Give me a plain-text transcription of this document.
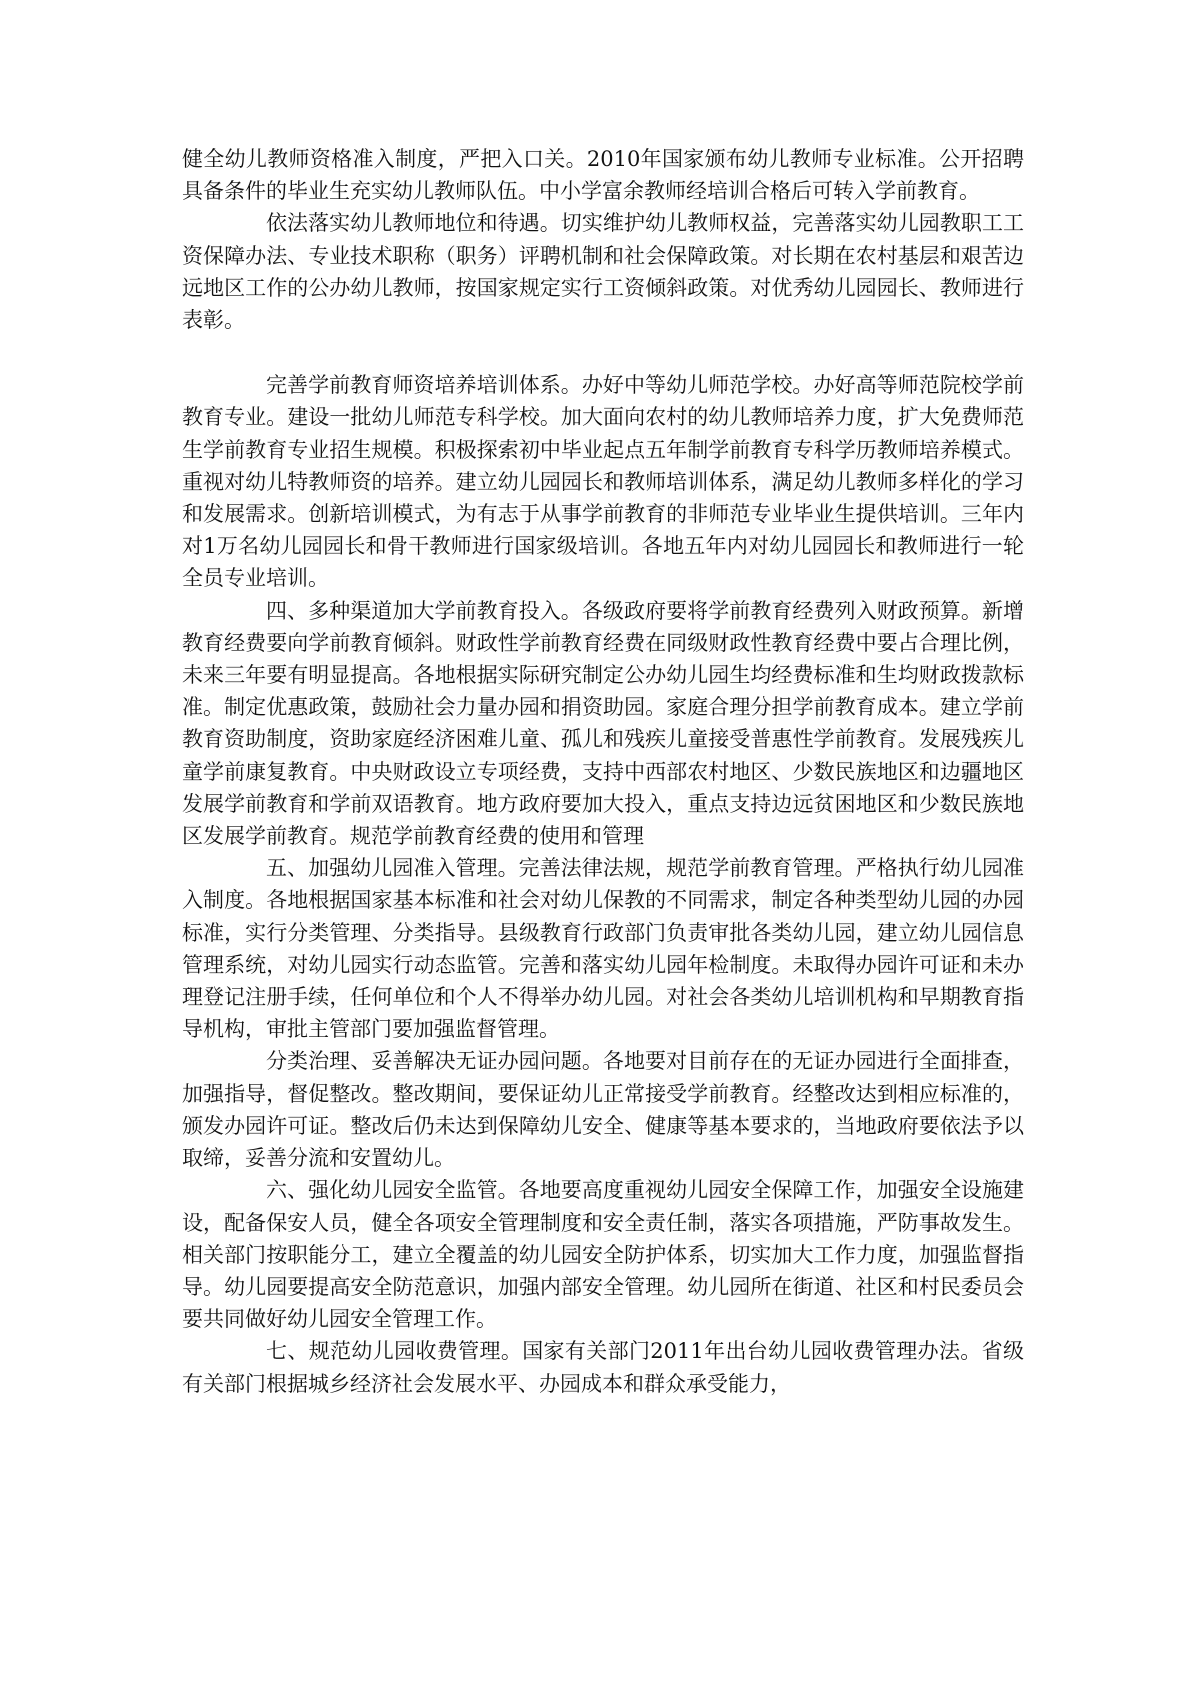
健全幼儿教师资格准入制度，严把入口关。2010年国家颁布幼儿教师专业标准。公开招聘具备条件的毕业生充实幼儿教师队伍。中小学富余教师经培训合格后可转入学前教育。

依法落实幼儿教师地位和待遇。切实维护幼儿教师权益，完善落实幼儿园教职工工资保障办法、专业技术职称（职务）评聘机制和社会保障政策。对长期在农村基层和艰苦边远地区工作的公办幼儿教师，按国家规定实行工资倾斜政策。对优秀幼儿园园长、教师进行表彰。

完善学前教育师资培养培训体系。办好中等幼儿师范学校。办好高等师范院校学前教育专业。建设一批幼儿师范专科学校。加大面向农村的幼儿教师培养力度，扩大免费师范生学前教育专业招生规模。积极探索初中毕业起点五年制学前教育专科学历教师培养模式。重视对幼儿特教师资的培养。建立幼儿园园长和教师培训体系，满足幼儿教师多样化的学习和发展需求。创新培训模式，为有志于从事学前教育的非师范专业毕业生提供培训。三年内对1万名幼儿园园长和骨干教师进行国家级培训。各地五年内对幼儿园园长和教师进行一轮全员专业培训。

四、多种渠道加大学前教育投入。各级政府要将学前教育经费列入财政预算。新增教育经费要向学前教育倾斜。财政性学前教育经费在同级财政性教育经费中要占合理比例，未来三年要有明显提高。各地根据实际研究制定公办幼儿园生均经费标准和生均财政拨款标准。制定优惠政策，鼓励社会力量办园和捐资助园。家庭合理分担学前教育成本。建立学前教育资助制度，资助家庭经济困难儿童、孤儿和残疾儿童接受普惠性学前教育。发展残疾儿童学前康复教育。中央财政设立专项经费，支持中西部农村地区、少数民族地区和边疆地区发展学前教育和学前双语教育。地方政府要加大投入，重点支持边远贫困地区和少数民族地区发展学前教育。规范学前教育经费的使用和管理

五、加强幼儿园准入管理。完善法律法规，规范学前教育管理。严格执行幼儿园准入制度。各地根据国家基本标准和社会对幼儿保教的不同需求，制定各种类型幼儿园的办园标准，实行分类管理、分类指导。县级教育行政部门负责审批各类幼儿园，建立幼儿园信息管理系统，对幼儿园实行动态监管。完善和落实幼儿园年检制度。未取得办园许可证和未办理登记注册手续，任何单位和个人不得举办幼儿园。对社会各类幼儿培训机构和早期教育指导机构，审批主管部门要加强监督管理。

分类治理、妥善解决无证办园问题。各地要对目前存在的无证办园进行全面排查，加强指导，督促整改。整改期间，要保证幼儿正常接受学前教育。经整改达到相应标准的，颁发办园许可证。整改后仍未达到保障幼儿安全、健康等基本要求的，当地政府要依法予以取缔，妥善分流和安置幼儿。

六、强化幼儿园安全监管。各地要高度重视幼儿园安全保障工作，加强安全设施建设，配备保安人员，健全各项安全管理制度和安全责任制，落实各项措施，严防事故发生。相关部门按职能分工，建立全覆盖的幼儿园安全防护体系，切实加大工作力度，加强监督指导。幼儿园要提高安全防范意识，加强内部安全管理。幼儿园所在街道、社区和村民委员会要共同做好幼儿园安全管理工作。

七、规范幼儿园收费管理。国家有关部门2011年出台幼儿园收费管理办法。省级有关部门根据城乡经济社会发展水平、办园成本和群众承受能力，
